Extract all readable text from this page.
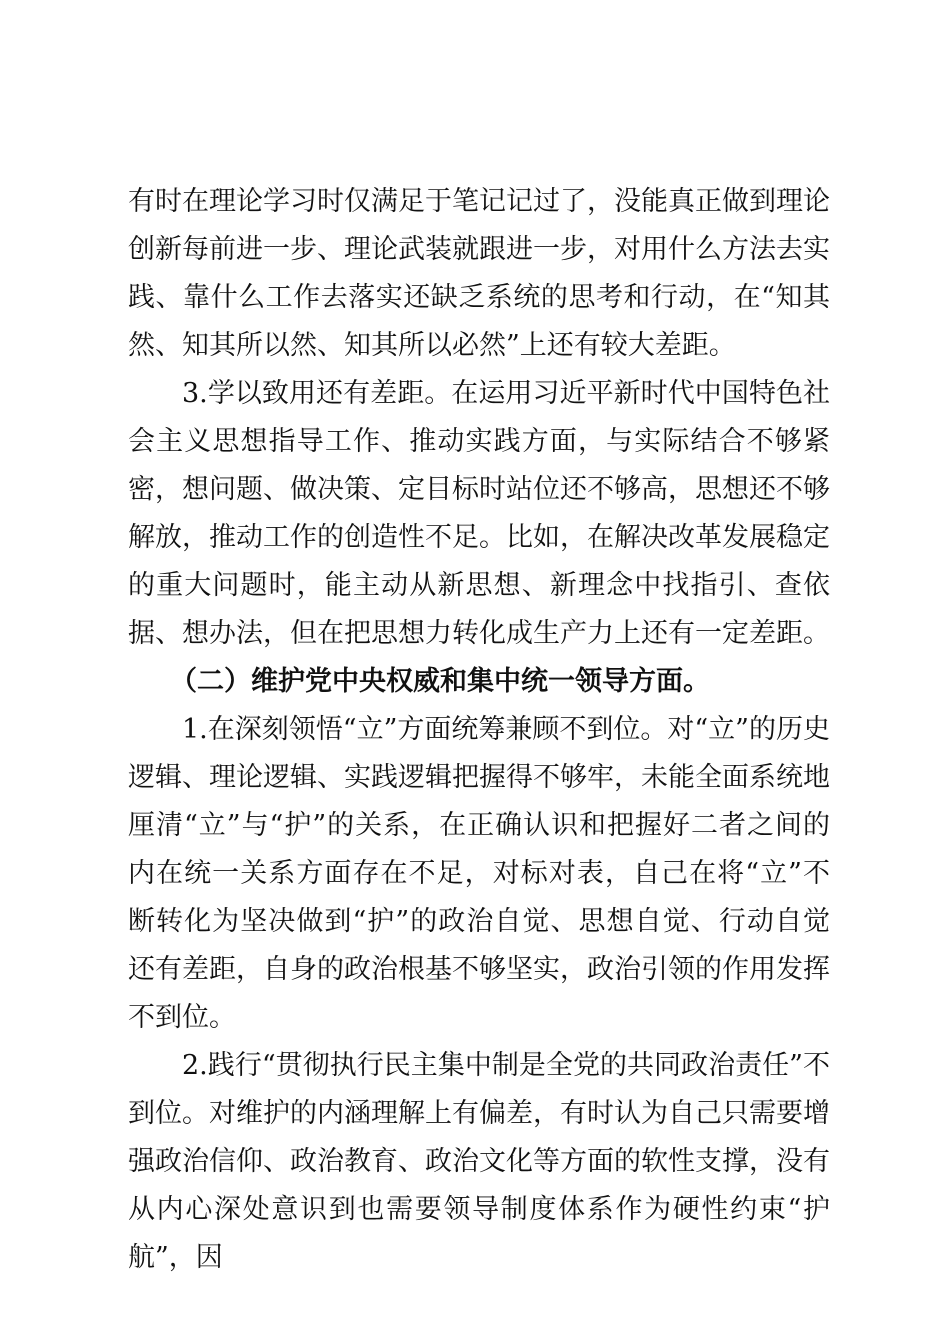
有时在理论学习时仅满足于笔记记过了，没能真正做到理论创新每前进一步、理论武装就跟进一步，对用什么方法去实践、靠什么工作去落实还缺乏系统的思考和行动，在“知其然、知其所以然、知其所以必然”上还有较大差距。

3.学以致用还有差距。在运用习近平新时代中国特色社会主义思想指导工作、推动实践方面，与实际结合不够紧密，想问题、做决策、定目标时站位还不够高，思想还不够解放，推动工作的创造性不足。比如，在解决改革发展稳定的重大问题时，能主动从新思想、新理念中找指引、查依据、想办法，但在把思想力转化成生产力上还有一定差距。

（二）维护党中央权威和集中统一领导方面。

1.在深刻领悟“立”方面统筹兼顾不到位。对“立”的历史逻辑、理论逻辑、实践逻辑把握得不够牢，未能全面系统地厘清“立”与“护”的关系，在正确认识和把握好二者之间的内在统一关系方面存在不足，对标对表，自己在将“立”不断转化为坚决做到“护”的政治自觉、思想自觉、行动自觉还有差距，自身的政治根基不够坚实，政治引领的作用发挥不到位。

2.践行“贯彻执行民主集中制是全党的共同政治责任”不到位。对维护的内涵理解上有偏差，有时认为自己只需要增强政治信仰、政治教育、政治文化等方面的软性支撑，没有从内心深处意识到也需要领导制度体系作为硬性约束“护航”，因
